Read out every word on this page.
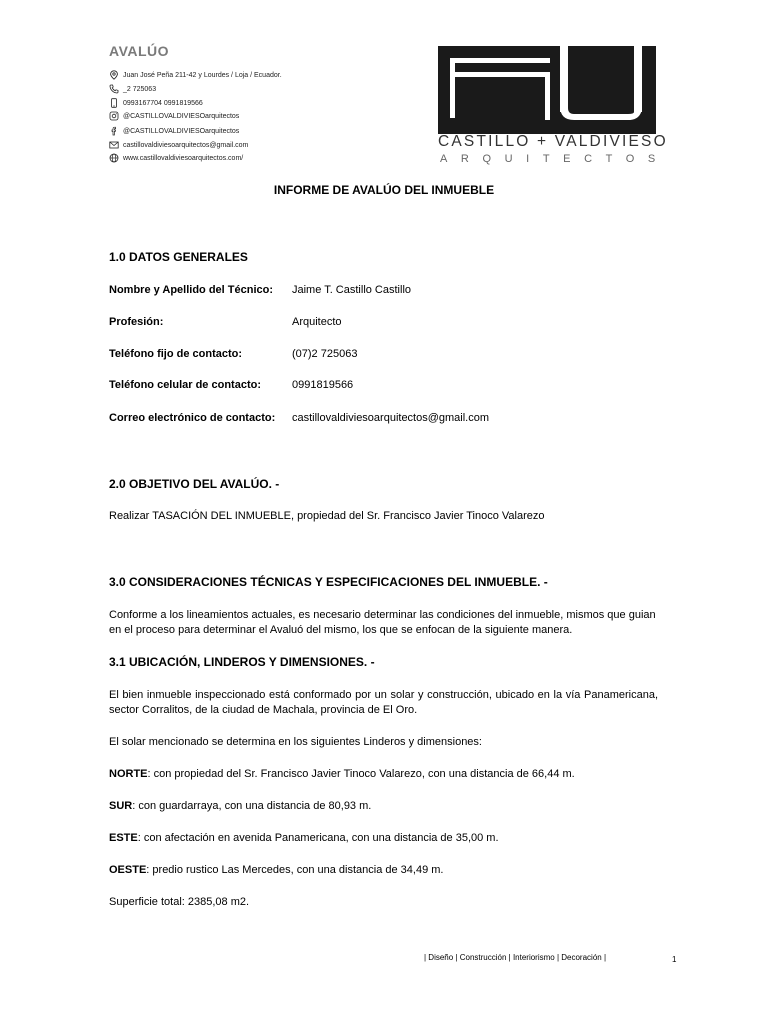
AVALÚO
Juan José Peña 211-42 y Lourdes / Loja / Ecuador.
_2 725063
0993167704 0991819566
@CASTILLOVALDIVIESOarquitectos
@CASTILLOVALDIVIESOarquitectos
castillovaldiviesoarquitectos@gmail.com
www.castillovaldiviesoarquitectos.com/
CASTILLO + VALDIVIESO
ARQUITECTOS
INFORME DE AVALÚO DEL INMUEBLE
1.0 DATOS GENERALES
Nombre y Apellido del Técnico: Jaime T. Castillo Castillo
Profesión:	Arquitecto
Teléfono fijo de contacto:	(07)2 725063
Teléfono celular de contacto:	0991819566
Correo electrónico de contacto: castillovaldiviesoarquitectos@gmail.com
2.0 OBJETIVO DEL AVALÚO. -
Realizar TASACIÓN DEL INMUEBLE, propiedad del Sr. Francisco Javier Tinoco Valarezo
3.0 CONSIDERACIONES TÉCNICAS Y ESPECIFICACIONES DEL INMUEBLE. -
Conforme a los lineamientos actuales, es necesario determinar las condiciones del inmueble, mismos que guian en el proceso para determinar el Avaluó del mismo, los que se enfocan de la siguiente manera.
3.1 UBICACIÓN, LINDEROS Y DIMENSIONES. -
El bien inmueble inspeccionado está conformado por un solar y construcción, ubicado en la vía Panamericana, sector Corralitos, de la ciudad de Machala, provincia de El Oro.
El solar mencionado se determina en los siguientes Linderos y dimensiones:
NORTE: con propiedad del Sr. Francisco Javier Tinoco Valarezo, con una distancia de 66,44 m.
SUR: con guardarraya, con una distancia de 80,93 m.
ESTE: con afectación en avenida Panamericana, con una distancia de 35,00 m.
OESTE: predio rustico Las Mercedes, con una distancia de 34,49 m.
Superficie total: 2385,08 m2.
| Diseño | Construcción | Interiorismo | Decoración |	1
